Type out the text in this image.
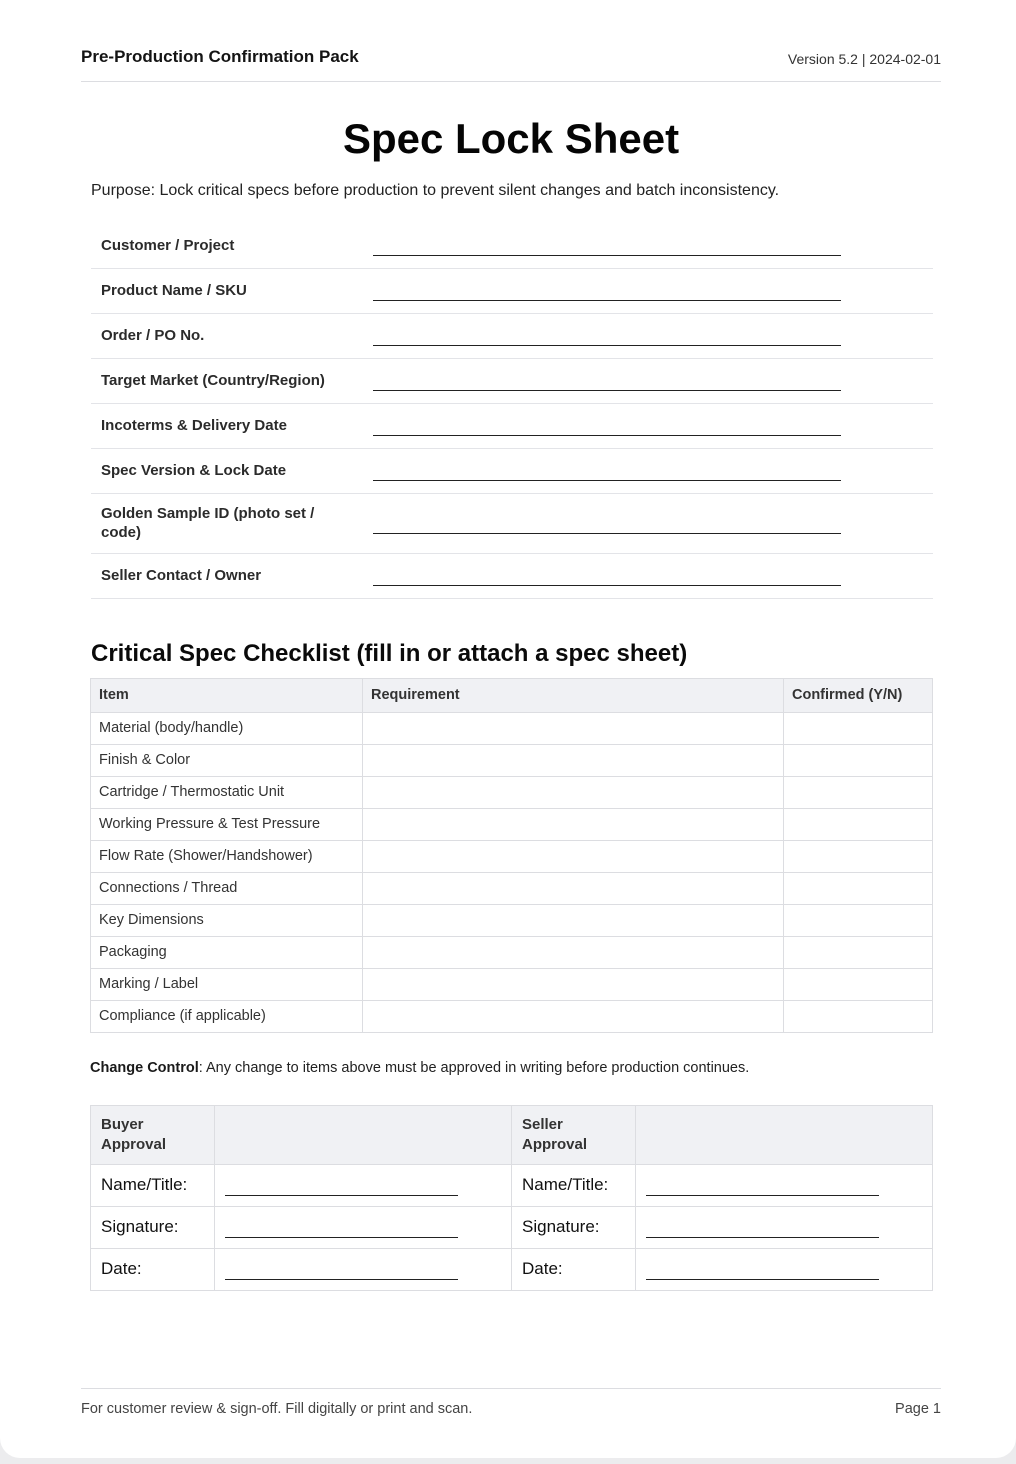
Pre-Production Confirmation Pack	Version 5.2 | 2024-02-01
Spec Lock Sheet
Purpose: Lock critical specs before production to prevent silent changes and batch inconsistency.
Customer / Project	

Product Name / SKU	

Order / PO No.	

Target Market (Country/Region)	

Incoterms & Delivery Date	

Spec Version & Lock Date	

Golden Sample ID (photo set / code)	

Seller Contact / Owner	
Critical Spec Checklist (fill in or attach a spec sheet)
Item	Requirement	Confirmed (Y/N)
Material (body/handle)		
Finish & Color		
Cartridge / Thermostatic Unit		
Working Pressure & Test Pressure		
Flow Rate (Shower/Handshower)		
Connections / Thread		
Key Dimensions		
Packaging		
Marking / Label		
Compliance (if applicable)		
Change Control: Any change to items above must be approved in writing before production continues.
Buyer Approval		Seller Approval	
Name/Title:		Name/Title:	

Signature:		Signature:	

Date:		Date:	
For customer review & sign-off. Fill digitally or print and scan.	Page 1
